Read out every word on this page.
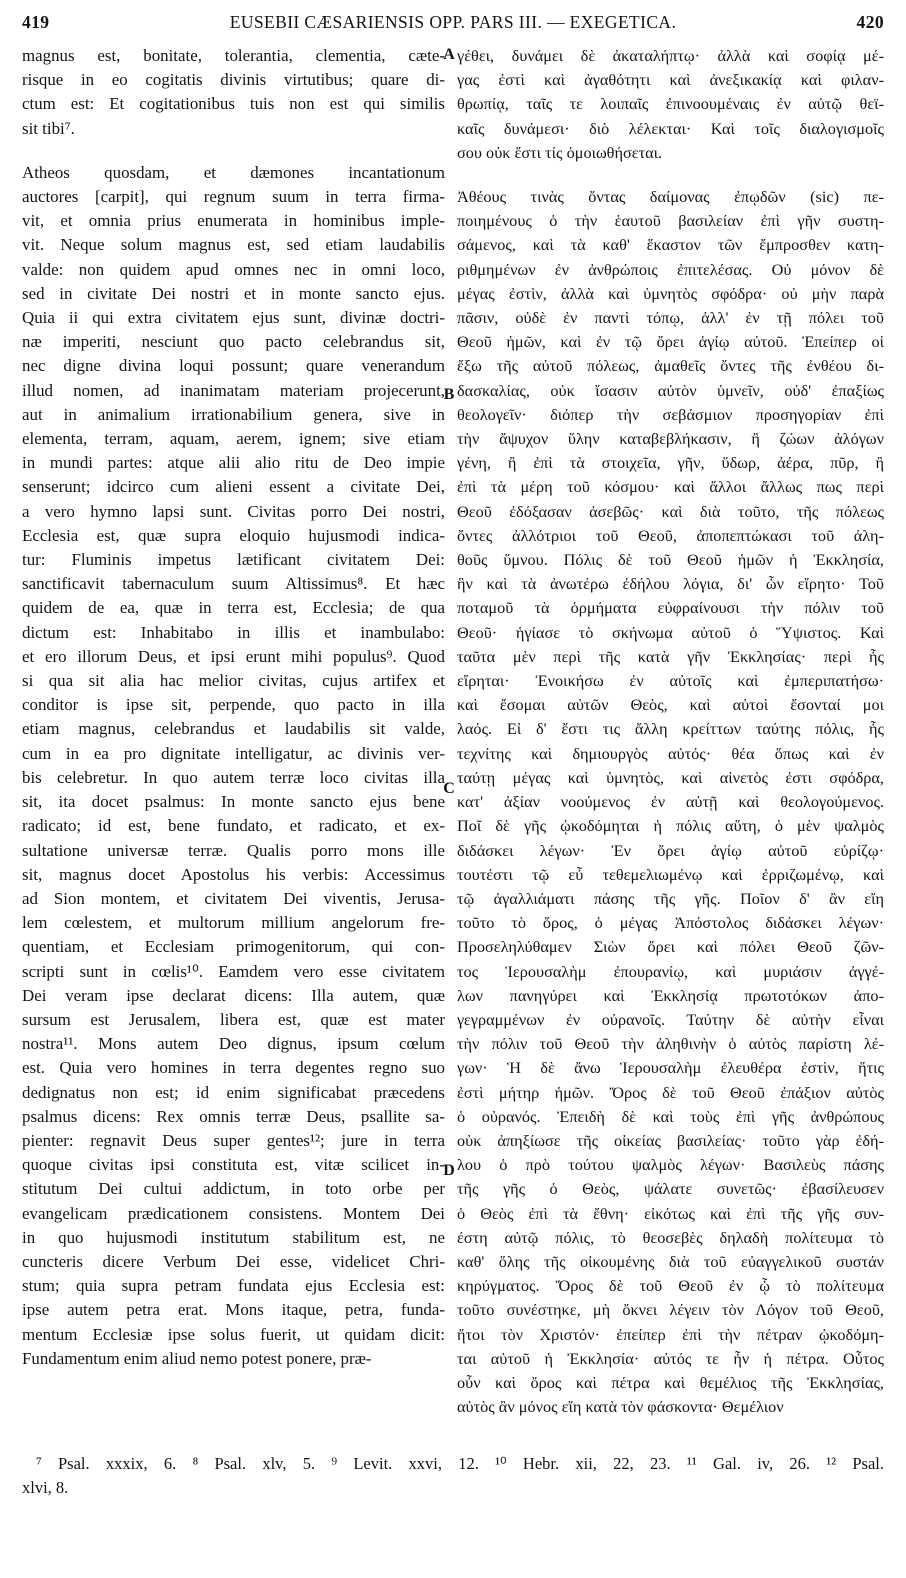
419	EUSEBII CÆSARIENSIS OPP. PARS III. — EXEGETICA.	420
magnus est, bonitate, tolerantia, clementia, cæte-
risque in eo cogitatis divinis virtutibus; quare di-
ctum est: Et cogitationibus tuis non est qui similis
sit tibi⁷.
Atheos quosdam, et dæmones incantationum
auctores [carpit], qui regnum suum in terra firma-
vit, et omnia prius enumerata in hominibus imple-
vit. Neque solum magnus est, sed etiam laudabilis
valde: non quidem apud omnes nec in omni loco,
sed in civitate Dei nostri et in monte sancto ejus.
Quia ii qui extra civitatem ejus sunt, divinæ doctri-
næ imperiti, nesciunt quo pacto celebrandus sit,
nec digne divina loqui possunt; quare venerandum
illud nomen, ad inanimatam materiam projecerunt,
aut in animalium irrationabilium genera, sive in
elementa, terram, aquam, aerem, ignem; sive etiam
in mundi partes: atque alii alio ritu de Deo impie
senserunt; idcirco cum alieni essent a civitate Dei,
a vero hymno lapsi sunt. Civitas porro Dei nostri,
Ecclesia est, quæ supra eloquio hujusmodi indica-
tur: Fluminis impetus lætificant civitatem Dei:
sanctificavit tabernaculum suum Altissimus⁸. Et hæc
quidem de ea, quæ in terra est, Ecclesia; de qua
dictum est: Inhabitabo in illis et inambulabo:
et ero illorum Deus, et ipsi erunt mihi populus⁹. Quod
si qua sit alia hac melior civitas, cujus artifex et
conditor is ipse sit, perpende, quo pacto in illa
etiam magnus, celebrandus et laudabilis sit valde,
cum in ea pro dignitate intelligatur, ac divinis ver-
bis celebretur. In quo autem terræ loco civitas illa
sit, ita docet psalmus: In monte sancto ejus bene
radicato; id est, bene fundato, et radicato, et ex-
sultatione universæ terræ. Qualis porro mons ille
sit, magnus docet Apostolus his verbis: Accessimus
ad Sion montem, et civitatem Dei viventis, Jerusa-
lem cœlestem, et multorum millium angelorum fre-
quentiam, et Ecclesiam primogenitorum, qui con-
scripti sunt in cœlis¹⁰. Eamdem vero esse civitatem
Dei veram ipse declarat dicens: Illa autem, quæ
sursum est Jerusalem, libera est, quæ est mater
nostra¹¹. Mons autem Deo dignus, ipsum cœlum
est. Quia vero homines in terra degentes regno suo
dedignatus non est; id enim significabat præcedens
psalmus dicens: Rex omnis terræ Deus, psallite sa-
pienter: regnavit Deus super gentes¹²; jure in terra
quoque civitas ipsi constituta est, vitæ scilicet in-
stitutum Dei cultui addictum, in toto orbe per
evangelicam prædicationem consistens. Montem Dei
in quo hujusmodi institutum stabilitum est, ne
cuncteris dicere Verbum Dei esse, videlicet Chri-
stum; quia supra petram fundata ejus Ecclesia est:
ipse autem petra erat. Mons itaque, petra, funda-
mentum Ecclesiæ ipse solus fuerit, ut quidam dicit:
Fundamentum enim aliud nemo potest ponere, præ-
A
B
C
D
γέθει, δυνάμει δὲ ἀκαταλήπτῳ· ἀλλὰ καὶ σοφίᾳ μέ-
γας ἐστὶ καὶ ἀγαθότητι καὶ ἀνεξικακίᾳ καὶ φιλαν-
θρωπίᾳ, ταῖς τε λοιπαῖς ἐπινοουμέναις ἐν αὐτῷ θεϊ-
καῖς δυνάμεσι· διὸ λέλεκται· Καὶ τοῖς διαλογισμοῖς
σου οὐκ ἔστι τίς ὁμοιωθήσεται.
Ἀθέους τινὰς ὄντας δαίμονας ἐπῳδῶν (sic) πε-
ποιημένους ὁ τὴν ἑαυτοῦ βασιλείαν ἐπὶ γῆν συστη-
σάμενος, καὶ τὰ καθ' ἕκαστον τῶν ἔμπροσθεν κατη-
ριθμημένων ἐν ἀνθρώποις ἐπιτελέσας. Οὐ μόνον δὲ
μέγας ἐστὶν, ἀλλὰ καὶ ὑμνητὸς σφόδρα· οὐ μὴν παρὰ
πᾶσιν, οὐδὲ ἐν παντὶ τόπῳ, ἀλλ' ἐν τῇ πόλει τοῦ
Θεοῦ ἡμῶν, καὶ ἐν τῷ ὄρει ἁγίῳ αὐτοῦ. Ἐπείπερ οἱ
ἔξω τῆς αὐτοῦ πόλεως, ἀμαθεῖς ὄντες τῆς ἐνθέου δι-
δασκαλίας, οὐκ ἴσασιν αὐτὸν ὑμνεῖν, οὐδ' ἐπαξίως
θεολογεῖν· διόπερ τὴν σεβάσμιον προσηγορίαν ἐπὶ
τὴν ἄψυχον ὕλην καταβεβλήκασιν, ἢ ζώων ἀλόγων
γένη, ἢ ἐπὶ τὰ στοιχεῖα, γῆν, ὕδωρ, ἀέρα, πῦρ, ἢ
ἐπὶ τὰ μέρη τοῦ κόσμου· καὶ ἄλλοι ἄλλως πως περὶ
Θεοῦ ἐδόξασαν ἀσεβῶς· καὶ διὰ τοῦτο, τῆς πόλεως
ὄντες ἀλλότριοι τοῦ Θεοῦ, ἀποπεπτώκασι τοῦ ἀλη-
θοῦς ὕμνου. Πόλις δὲ τοῦ Θεοῦ ἡμῶν ἡ Ἐκκλησία,
ἣν καὶ τὰ ἀνωτέρω ἐδήλου λόγια, δι' ὧν εἴρητο· Τοῦ
ποταμοῦ τὰ ὁρμήματα εὐφραίνουσι τὴν πόλιν τοῦ
Θεοῦ· ἡγίασε τὸ σκήνωμα αὐτοῦ ὁ Ὕψιστος. Καὶ
ταῦτα μὲν περὶ τῆς κατὰ γῆν Ἐκκλησίας· περὶ ἧς
εἴρηται· Ἐνοικήσω ἐν αὐτοῖς καὶ ἐμπεριπατήσω·
καὶ ἔσομαι αὐτῶν Θεὸς, καὶ αὐτοὶ ἔσονταί μοι
λαός. Εἰ δ' ἔστι τις ἄλλη κρείττων ταύτης πόλις, ἧς
τεχνίτης καὶ δημιουργὸς αὐτός· θέα ὅπως καὶ ἐν
ταύτῃ μέγας καὶ ὑμνητὸς, καὶ αἰνετὸς ἐστι σφόδρα,
κατ' ἀξίαν νοούμενος ἐν αὐτῇ καὶ θεολογούμενος.
Ποῖ δὲ γῆς ᾠκοδόμηται ἡ πόλις αὕτη, ὁ μὲν ψαλμὸς
διδάσκει λέγων· Ἐν ὄρει ἁγίῳ αὐτοῦ εὐρίζῳ·
τουτέστι τῷ εὖ τεθεμελιωμένῳ καὶ ἐρριζωμένῳ, καὶ
τῷ ἀγαλλιάματι πάσης τῆς γῆς. Ποῖον δ' ἂν εἴη
τοῦτο τὸ ὄρος, ὁ μέγας Ἀπόστολος διδάσκει λέγων·
Προσεληλύθαμεν Σιὼν ὄρει καὶ πόλει Θεοῦ ζῶν-
τος Ἱερουσαλὴμ ἐπουρανίῳ, καὶ μυριάσιν ἀγγέ-
λων πανηγύρει καὶ Ἐκκλησίᾳ πρωτοτόκων ἀπο-
γεγραμμένων ἐν οὐρανοῖς. Ταύτην δὲ αὐτὴν εἶναι
τὴν πόλιν τοῦ Θεοῦ τὴν ἀληθινὴν ὁ αὐτὸς παρίστη λέ-
γων· Ἡ δὲ ἄνω Ἱερουσαλὴμ ἐλευθέρα ἐστὶν, ἥτις
ἐστὶ μήτηρ ἡμῶν. Ὄρος δὲ τοῦ Θεοῦ ἐπάξιον αὐτὸς
ὁ οὐρανός. Ἐπειδὴ δὲ καὶ τοὺς ἐπὶ γῆς ἀνθρώπους
οὐκ ἀπηξίωσε τῆς οἰκείας βασιλείας· τοῦτο γὰρ ἐδή-
λου ὁ πρὸ τούτου ψαλμὸς λέγων· Βασιλεὺς πάσης
τῆς γῆς ὁ Θεὸς, ψάλατε συνετῶς· ἐβασίλευσεν
ὁ Θεὸς ἐπὶ τὰ ἔθνη· εἰκότως καὶ ἐπὶ τῆς γῆς συν-
έστη αὐτῷ πόλις, τὸ θεοσεβὲς δηλαδὴ πολίτευμα τὸ
καθ' ὅλης τῆς οἰκουμένης διὰ τοῦ εὐαγγελικοῦ συστάν
κηρύγματος. Ὄρος δὲ τοῦ Θεοῦ ἐν ᾧ τὸ πολίτευμα
τοῦτο συνέστηκε, μὴ ὄκνει λέγειν τὸν Λόγον τοῦ Θεοῦ,
ἤτοι τὸν Χριστόν· ἐπείπερ ἐπὶ τὴν πέτραν ᾠκοδόμη-
ται αὐτοῦ ἡ Ἐκκλησία· αὐτός τε ἦν ἡ πέτρα. Οὗτος
οὖν καὶ ὄρος καὶ πέτρα καὶ θεμέλιος τῆς Ἐκκλησίας,
αὐτὸς ἂν μόνος εἴη κατὰ τὸν φάσκοντα· Θεμέλιον
⁷ Psal. xxxix, 6. ⁸ Psal. xlv, 5. ⁹ Levit. xxvi, 12. ¹⁰ Hebr. xii, 22, 23. ¹¹ Gal. iv, 26. ¹² Psal.
xlvi, 8.
